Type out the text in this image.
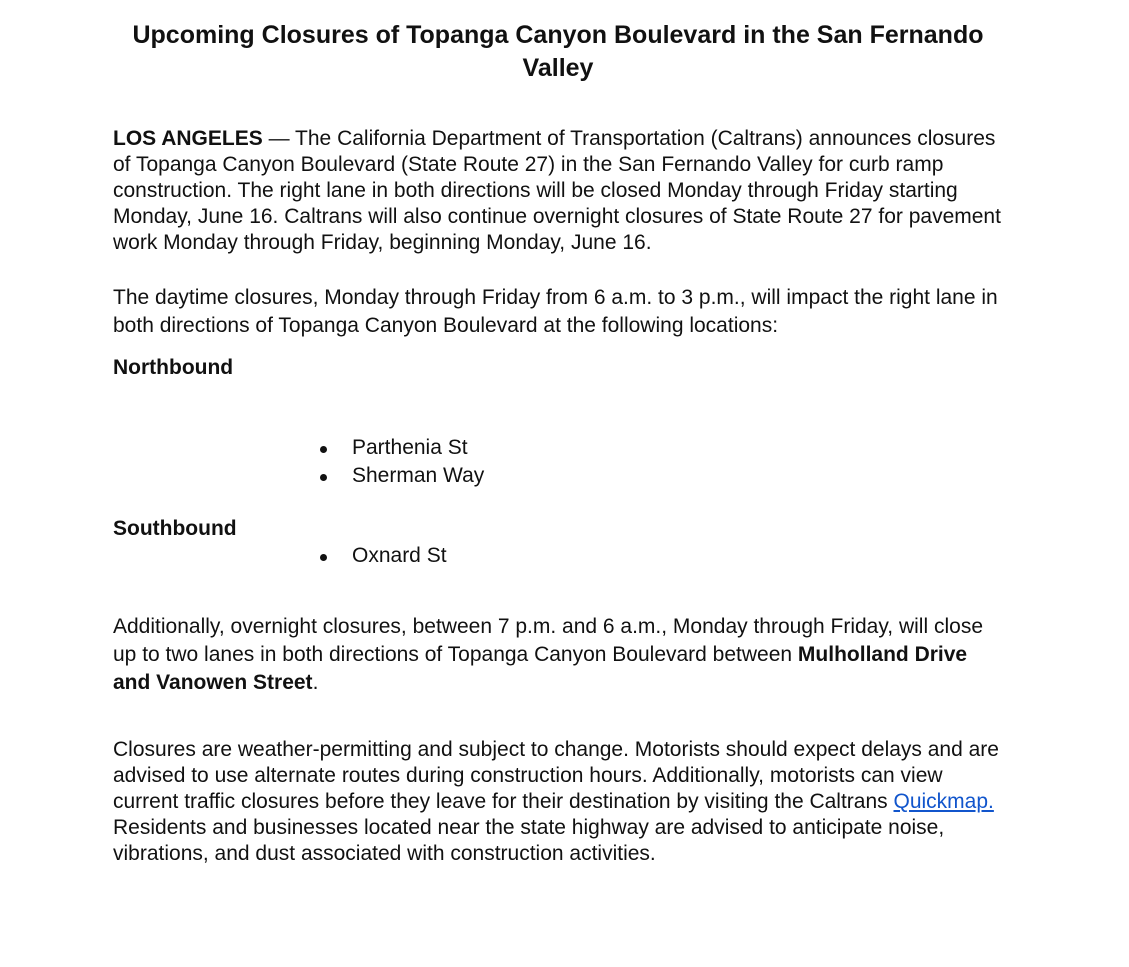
Upcoming Closures of Topanga Canyon Boulevard in the San Fernando Valley

LOS ANGELES — The California Department of Transportation (Caltrans) announces closures of Topanga Canyon Boulevard (State Route 27) in the San Fernando Valley for curb ramp construction. The right lane in both directions will be closed Monday through Friday starting Monday, June 16. Caltrans will also continue overnight closures of State Route 27 for pavement work Monday through Friday, beginning Monday, June 16.

The daytime closures, Monday through Friday from 6 a.m. to 3 p.m., will impact the right lane in both directions of Topanga Canyon Boulevard at the following locations:

Northbound

Parthenia St
Sherman Way

Southbound

Oxnard St

Additionally, overnight closures, between 7 p.m. and 6 a.m., Monday through Friday, will close up to two lanes in both directions of Topanga Canyon Boulevard between Mulholland Drive and Vanowen Street.

Closures are weather-permitting and subject to change. Motorists should expect delays and are advised to use alternate routes during construction hours. Additionally, motorists can view current traffic closures before they leave for their destination by visiting the Caltrans Quickmap. Residents and businesses located near the state highway are advised to anticipate noise, vibrations, and dust associated with construction activities.
